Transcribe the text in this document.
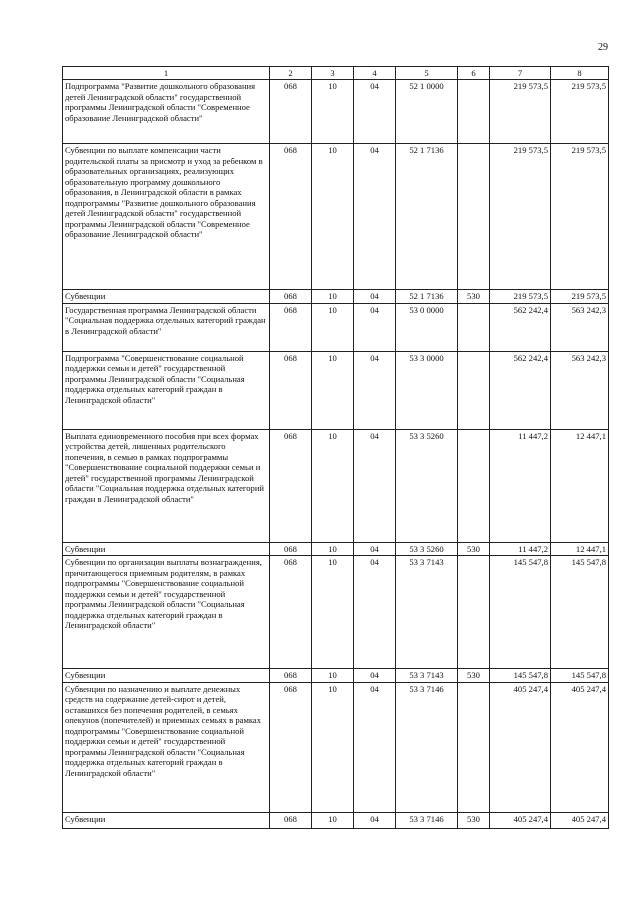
29
1	2	3	4	5	6	7	8
Подпрограмма "Развитие дошкольного образования детей Ленинградской области" государственной программы Ленинградской области "Современное образование Ленинградской области"	068	10	04	52 1 0000		219 573,5	219 573,5
Субвенции по выплате компенсации части родительской платы за присмотр и уход за ребенком в образовательных организациях, реализующих образовательную программу дошкольного образования, в Ленинградской области в рамках подпрограммы "Развитие дошкольного образования детей Ленинградской области" государственной программы Ленинградской области "Современное образование Ленинградской области"	068	10	04	52 1 7136		219 573,5	219 573,5
Субвенции	068	10	04	52 1 7136	530	219 573,5	219 573,5
Государственная программа Ленинградской области "Социальная поддержка отдельных категорий граждан в Ленинградской области"	068	10	04	53 0 0000		562 242,4	563 242,3
Подпрограмма "Совершенствование социальной поддержки семьи и детей" государственной программы Ленинградской области "Социальная поддержка отдельных категорий граждан в Ленинградской области"	068	10	04	53 3 0000		562 242,4	563 242,3
Выплата единовременного пособия при всех формах устройства детей, лишенных родительского попечения, в семью в рамках подпрограммы "Совершенствование социальной поддержки семьи и детей" государственной программы Ленинградской области "Социальная поддержка отдельных категорий граждан в Ленинградской области"	068	10	04	53 3 5260		11 447,2	12 447,1
Субвенции	068	10	04	53 3 5260	530	11 447,2	12 447,1
Субвенции по организации выплаты вознаграждения, причитающегося приемным родителям, в рамках подпрограммы "Совершенствование социальной поддержки семьи и детей" государственной программы Ленинградской области "Социальная поддержка отдельных категорий граждан в Ленинградской области"	068	10	04	53 3 7143		145 547,8	145 547,8
Субвенции	068	10	04	53 3 7143	530	145 547,8	145 547,8
Субвенции по назначению и выплате денежных средств на содержание детей-сирот и детей, оставшихся без попечения родителей, в семьях опекунов (попечителей) и приемных семьях в рамках подпрограммы "Совершенствование социальной поддержки семьи и детей" государственной программы Ленинградской области "Социальная поддержка отдельных категорий граждан в Ленинградской области"	068	10	04	53 3 7146		405 247,4	405 247,4
Субвенции	068	10	04	53 3 7146	530	405 247,4	405 247,4
